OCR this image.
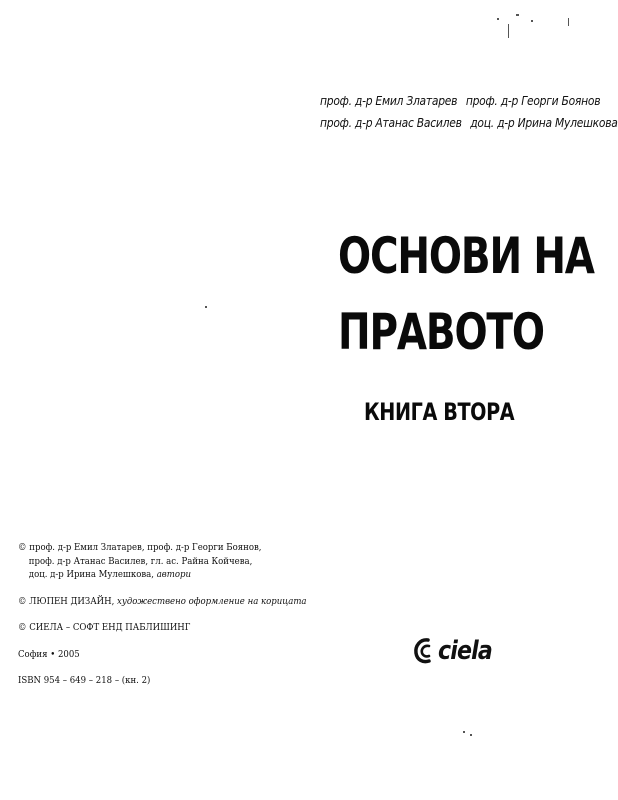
проф. д-р Емил Златарев проф. д-р Георги Боянов
проф. д-р Атанас Василев доц. д-р Ирина Мулешкова
ОСНОВИ НА
ПРАВОТО
КНИГА ВТОРА
© проф. д-р Емил Златарев, проф. д-р Георги Боянов,
проф. д-р Атанас Василев, гл. ас. Райна Койчева,
доц. д-р Ирина Мулешкова, автори
© ЛЮПЕН ДИЗАЙН, художествено оформление на корицата
© СИЕЛА – СОФТ ЕНД ПАБЛИШИНГ
София • 2005
ISBN 954 – 649 – 218 – (кн. 2)
ciela
